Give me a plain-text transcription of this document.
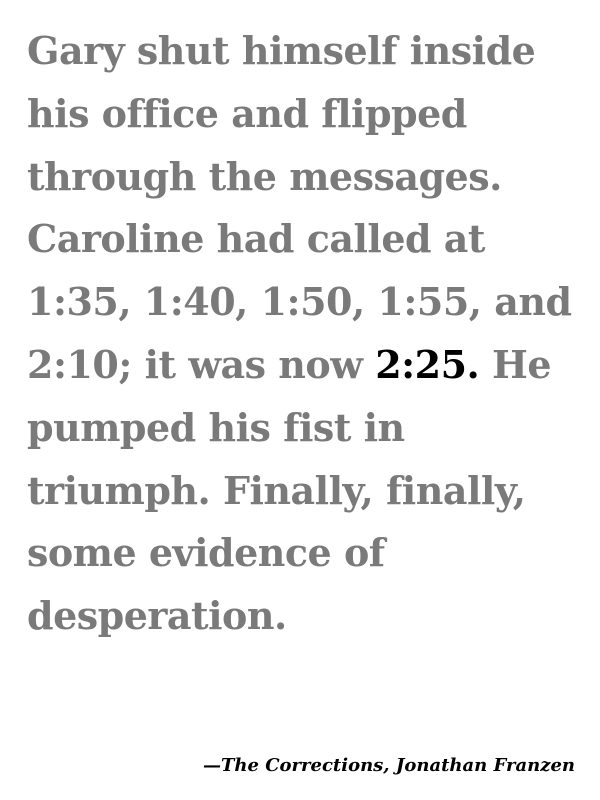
Gary shut himself inside his office and flipped through the messages. Caroline had called at 1:35, 1:40, 1:50, 1:55, and 2:10; it was now 2:25. He pumped his fist in triumph. Finally, finally, some evidence of desperation.

—The Corrections, Jonathan Franzen
